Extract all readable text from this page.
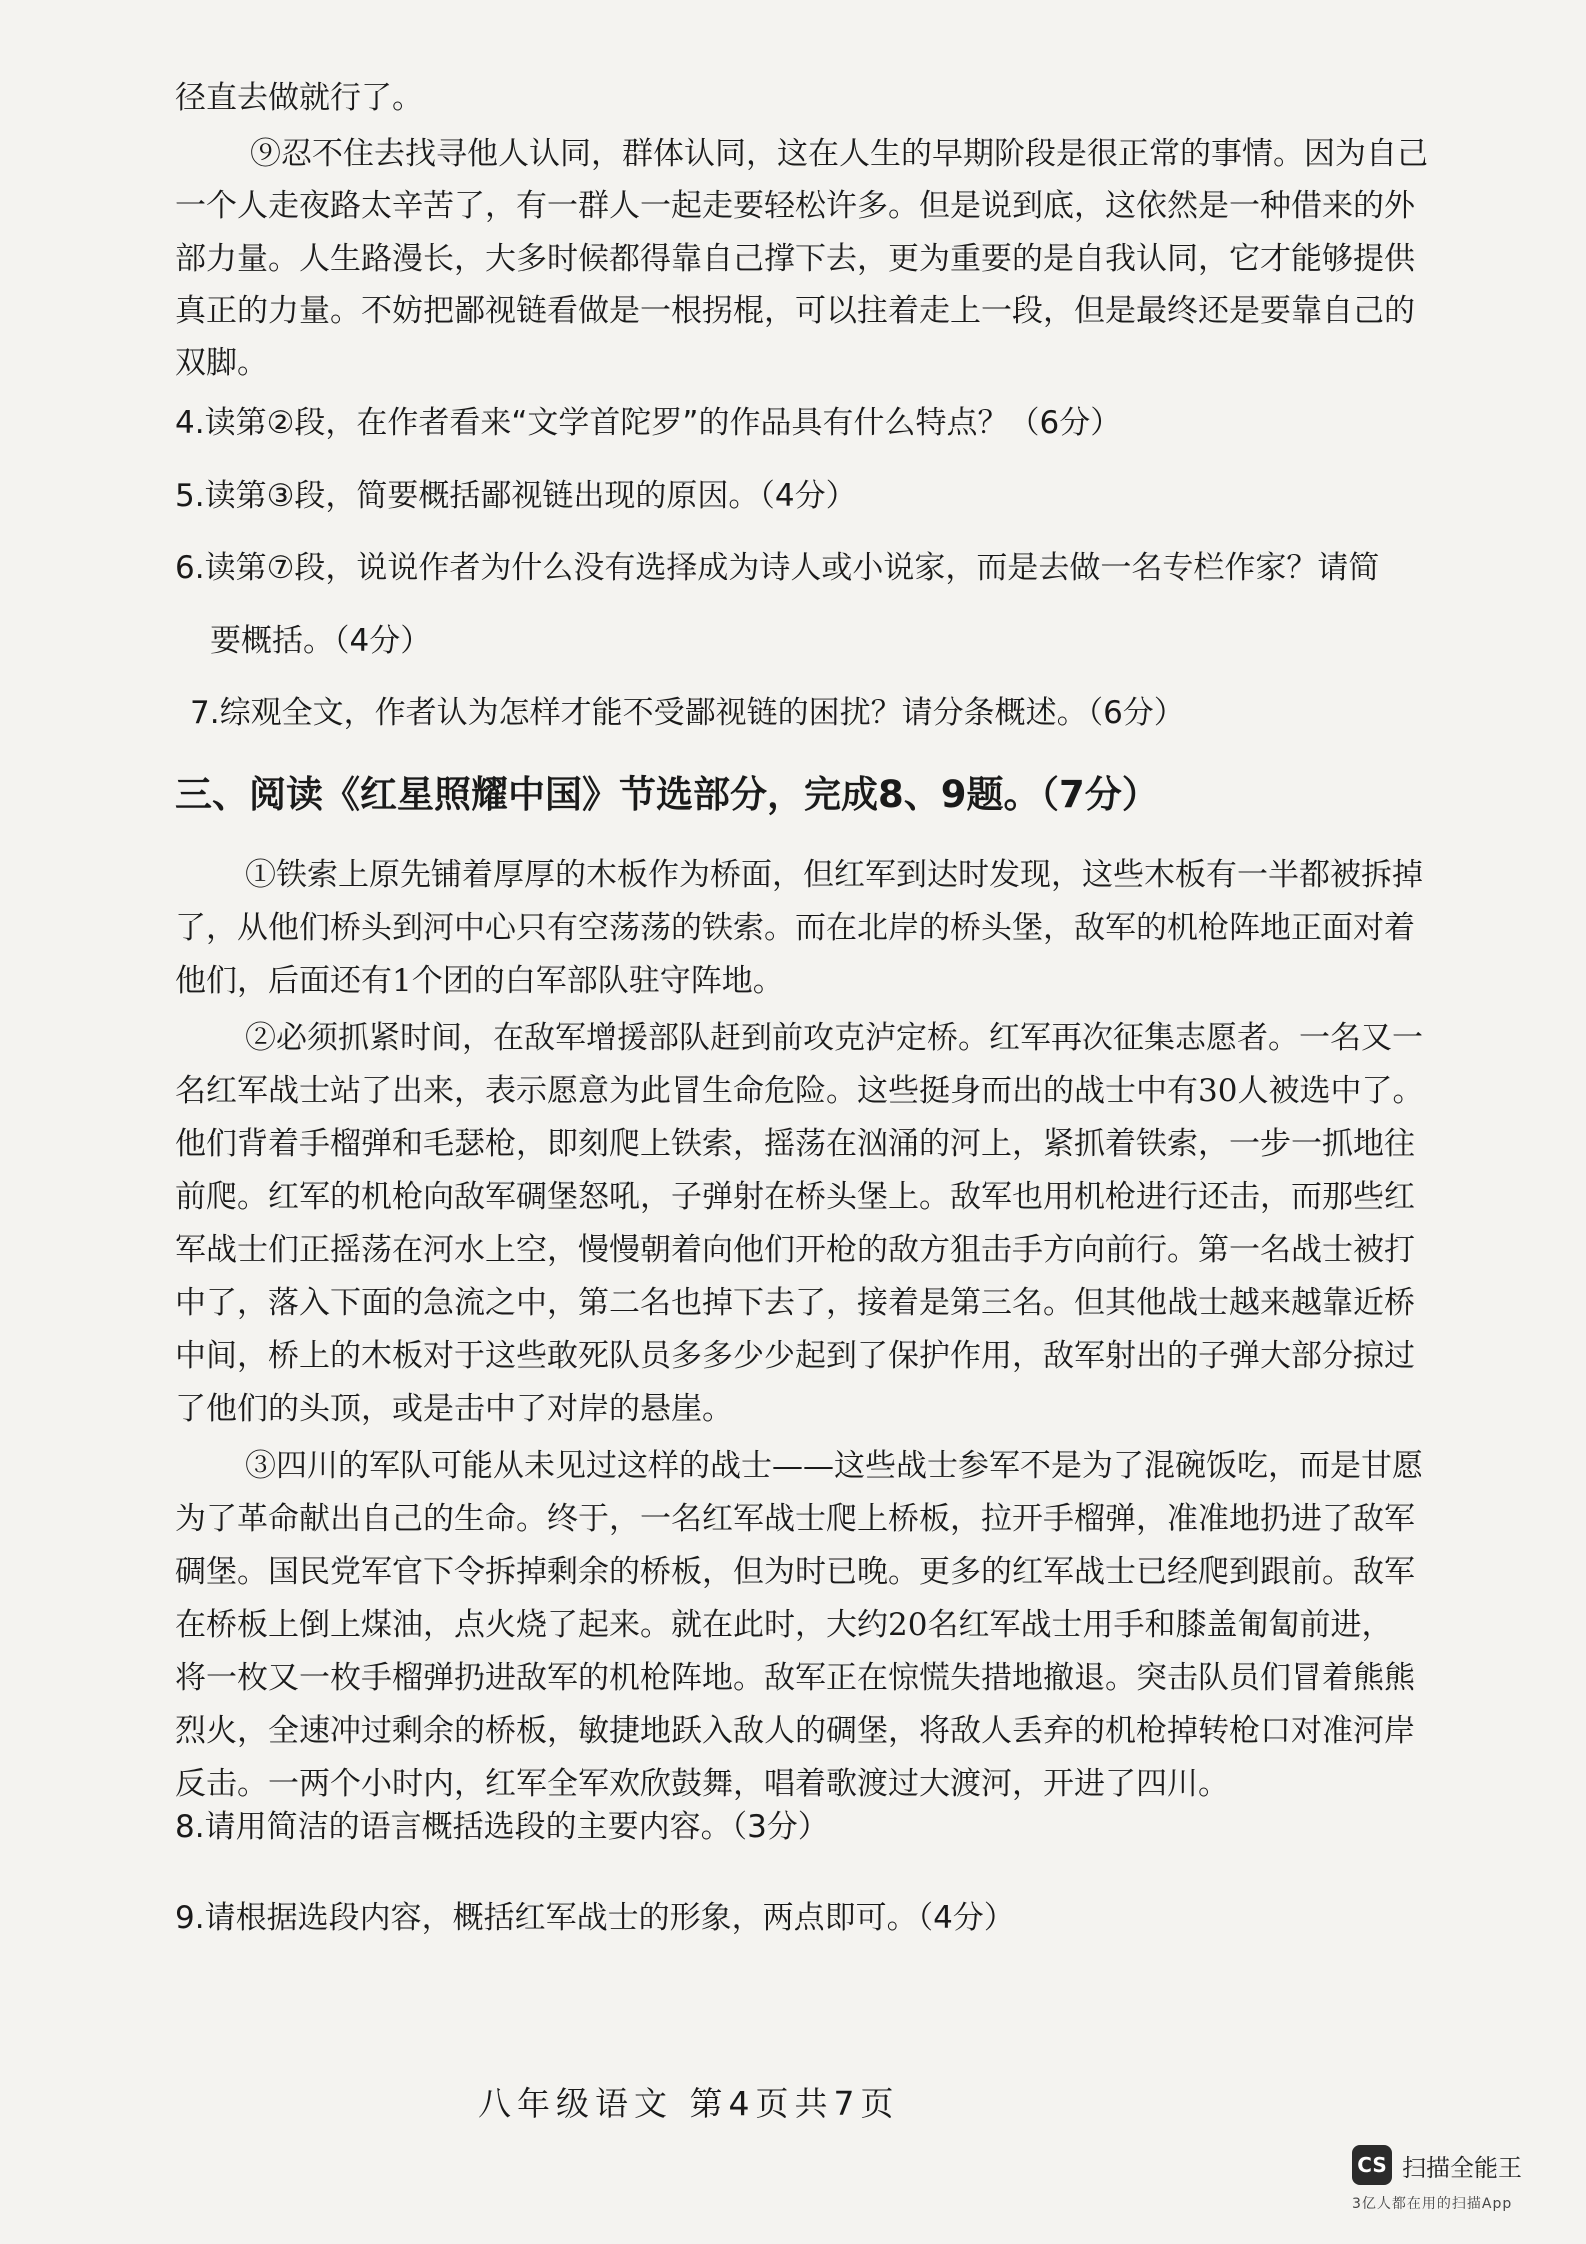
径直去做就行了。
⑨忍不住去找寻他人认同，群体认同，这在人生的早期阶段是很正常的事情。因为自己
一个人走夜路太辛苦了，有一群人一起走要轻松许多。但是说到底，这依然是一种借来的外
部力量。人生路漫长，大多时候都得靠自己撑下去，更为重要的是自我认同，它才能够提供
真正的力量。不妨把鄙视链看做是一根拐棍，可以拄着走上一段，但是最终还是要靠自己的
双脚。
4.读第②段，在作者看来“文学首陀罗”的作品具有什么特点？（6分）
5.读第③段，简要概括鄙视链出现的原因。（4分）
6.读第⑦段，说说作者为什么没有选择成为诗人或小说家，而是去做一名专栏作家？请简
要概括。（4分）
7.综观全文，作者认为怎样才能不受鄙视链的困扰？请分条概述。（6分）
三、阅读《红星照耀中国》节选部分，完成8、9题。（7分）
①铁索上原先铺着厚厚的木板作为桥面，但红军到达时发现，这些木板有一半都被拆掉
了，从他们桥头到河中心只有空荡荡的铁索。而在北岸的桥头堡，敌军的机枪阵地正面对着
他们，后面还有1个团的白军部队驻守阵地。
②必须抓紧时间，在敌军增援部队赶到前攻克泸定桥。红军再次征集志愿者。一名又一
名红军战士站了出来，表示愿意为此冒生命危险。这些挺身而出的战士中有30人被选中了。
他们背着手榴弹和毛瑟枪，即刻爬上铁索，摇荡在汹涌的河上，紧抓着铁索，一步一抓地往
前爬。红军的机枪向敌军碉堡怒吼，子弹射在桥头堡上。敌军也用机枪进行还击，而那些红
军战士们正摇荡在河水上空，慢慢朝着向他们开枪的敌方狙击手方向前行。第一名战士被打
中了，落入下面的急流之中，第二名也掉下去了，接着是第三名。但其他战士越来越靠近桥
中间，桥上的木板对于这些敢死队员多多少少起到了保护作用，敌军射出的子弹大部分掠过
了他们的头顶，或是击中了对岸的悬崖。
③四川的军队可能从未见过这样的战士——这些战士参军不是为了混碗饭吃，而是甘愿
为了革命献出自己的生命。终于，一名红军战士爬上桥板，拉开手榴弹，准准地扔进了敌军
碉堡。国民党军官下令拆掉剩余的桥板，但为时已晚。更多的红军战士已经爬到跟前。敌军
在桥板上倒上煤油，点火烧了起来。就在此时，大约20名红军战士用手和膝盖匍匐前进，
将一枚又一枚手榴弹扔进敌军的机枪阵地。敌军正在惊慌失措地撤退。突击队员们冒着熊熊
烈火，全速冲过剩余的桥板，敏捷地跃入敌人的碉堡，将敌人丢弃的机枪掉转枪口对准河岸
反击。一两个小时内，红军全军欢欣鼓舞，唱着歌渡过大渡河，开进了四川。
8.请用简洁的语言概括选段的主要内容。（3分）
9.请根据选段内容，概括红军战士的形象，两点即可。（4分）
八年级语文 第4页共7页
CS 扫描全能王
3亿人都在用的扫描App
